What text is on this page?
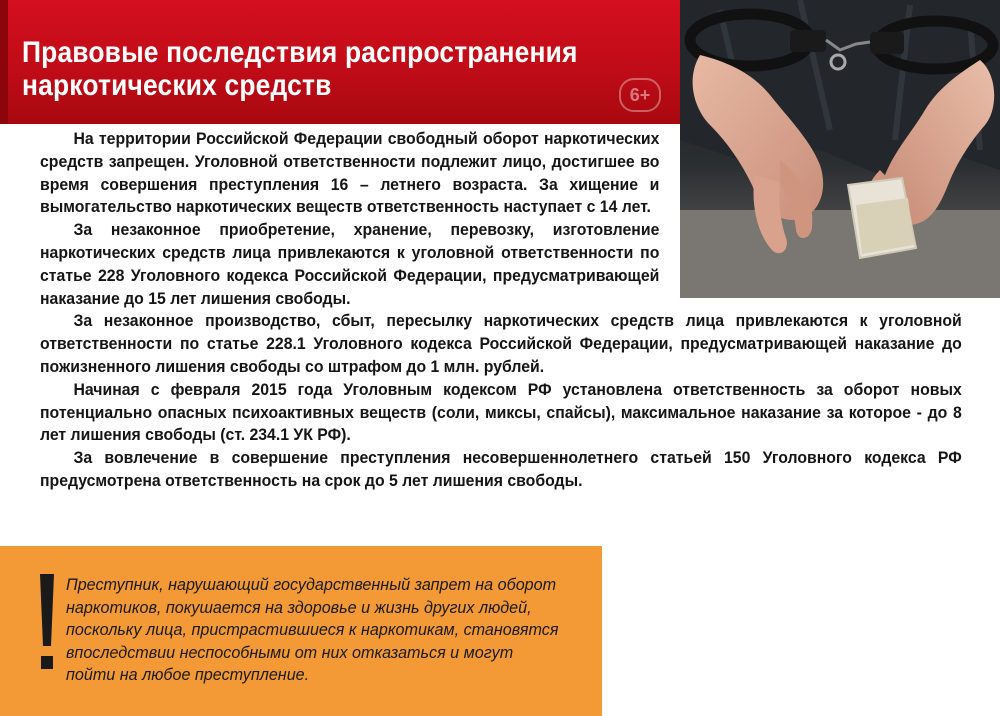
Правовые последствия распространения
наркотических средств	6+

На территории Российской Федерации свободный оборот наркотических средств запрещен. Уголовной ответственности подлежит лицо, достигшее во время совершения преступления 16 – летнего возраста. За хищение и вымогательство наркотических веществ ответственность наступает с 14 лет.

За незаконное приобретение, хранение, перевозку, изготовление наркотических средств лица привлекаются к уголовной ответственности по статье 228 Уголовного кодекса Российской Федерации, предусматривающей наказание до 15 лет лишения свободы.

За незаконное производство, сбыт, пересылку наркотических средств лица привлекаются к уголовной ответственности по статье 228.1 Уголовного кодекса Российской Федерации, предусматривающей наказание до пожизненного лишения свободы со штрафом до 1 млн. рублей.

Начиная с февраля 2015 года Уголовным кодексом РФ установлена ответственность за оборот новых потенциально опасных психоактивных веществ (соли, миксы, спайсы), максимальное наказание за которое - до 8 лет лишения свободы (ст. 234.1 УК РФ).

За вовлечение в совершение преступления несовершеннолетнего статьей 150 Уголовного кодекса РФ предусмотрена ответственность на срок до 5 лет лишения свободы.

Преступник, нарушающий государственный запрет на оборот наркотиков, покушается на здоровье и жизнь других людей, поскольку лица, пристрастившиеся к наркотикам, становятся впоследствии неспособными от них отказаться и могут пойти на любое преступление.
